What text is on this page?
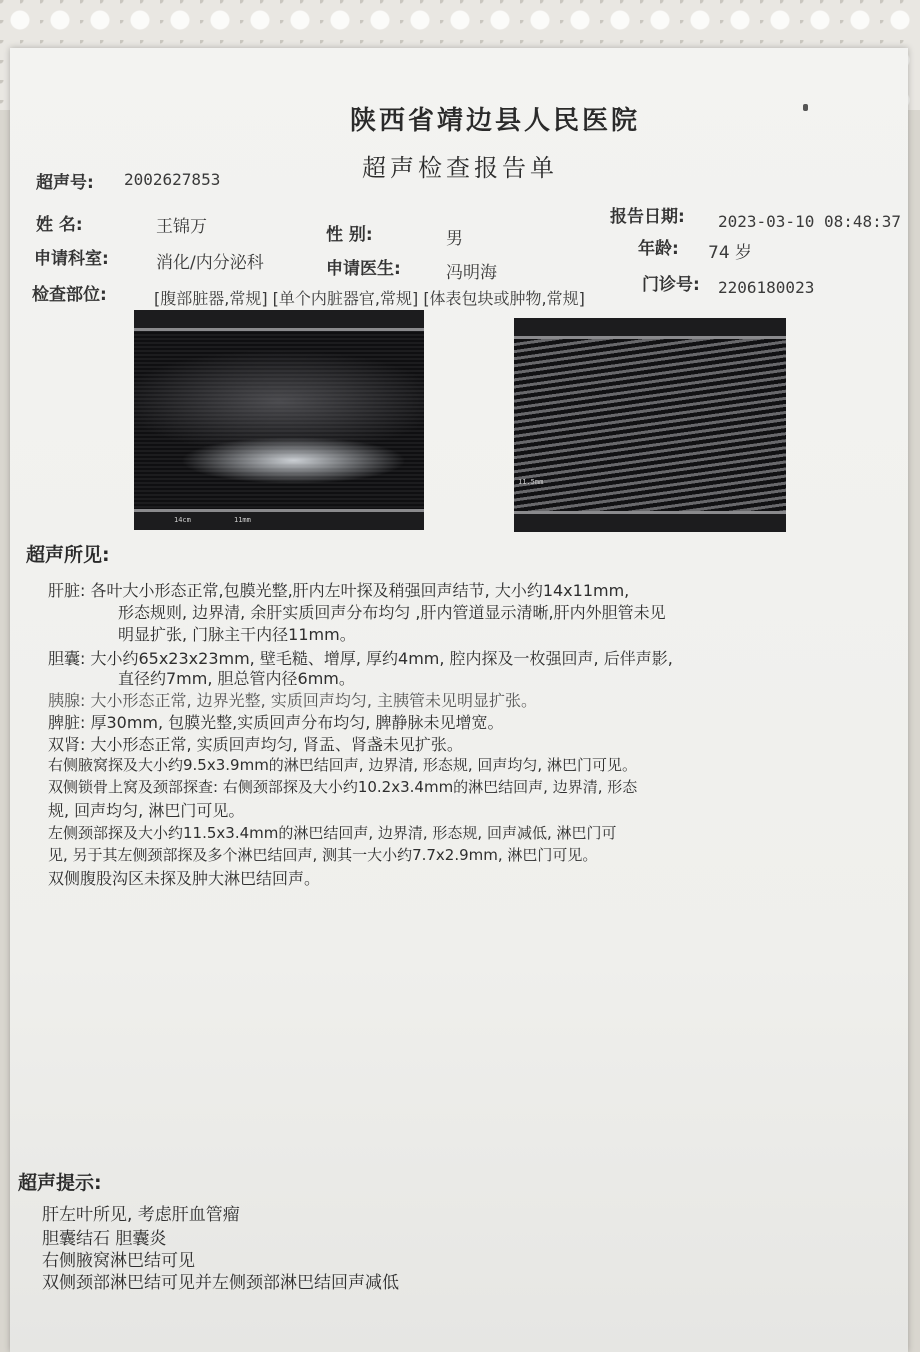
陕西省靖边县人民医院
超声检查报告单
超声号: 2002627853
报告日期: 2023-03-10 08:48:37
姓 名:	王锦万	性 别:	男	年龄: 74 岁
申请科室:	消化/内分泌科	申请医生:	冯明海
门诊号: 2206180023
检查部位:	[腹部脏器,常规] [单个内脏器官,常规] [体表包块或肿物,常规]
14cm	11mm
11.5mm
超声所见:
肝脏: 各叶大小形态正常,包膜光整,肝内左叶探及稍强回声结节, 大小约14x11mm,
形态规则, 边界清, 余肝实质回声分布均匀 ,肝内管道显示清晰,肝内外胆管未见
明显扩张, 门脉主干内径11mm。
胆囊: 大小约65x23x23mm, 壁毛糙、增厚, 厚约4mm, 腔内探及一枚强回声, 后伴声影,
直径约7mm, 胆总管内径6mm。
胰腺: 大小形态正常, 边界光整, 实质回声均匀, 主胰管未见明显扩张。
脾脏: 厚30mm, 包膜光整,实质回声分布均匀, 脾静脉未见增宽。
双肾: 大小形态正常, 实质回声均匀, 肾盂、肾盏未见扩张。
右侧腋窝探及大小约9.5x3.9mm的淋巴结回声, 边界清, 形态规, 回声均匀, 淋巴门可见。
双侧锁骨上窝及颈部探查: 右侧颈部探及大小约10.2x3.4mm的淋巴结回声, 边界清, 形态
规, 回声均匀, 淋巴门可见。
左侧颈部探及大小约11.5x3.4mm的淋巴结回声, 边界清, 形态规, 回声减低, 淋巴门可
见, 另于其左侧颈部探及多个淋巴结回声, 测其一大小约7.7x2.9mm, 淋巴门可见。
双侧腹股沟区未探及肿大淋巴结回声。
超声提示:
肝左叶所见, 考虑肝血管瘤
胆囊结石 胆囊炎
右侧腋窝淋巴结可见
双侧颈部淋巴结可见并左侧颈部淋巴结回声减低
